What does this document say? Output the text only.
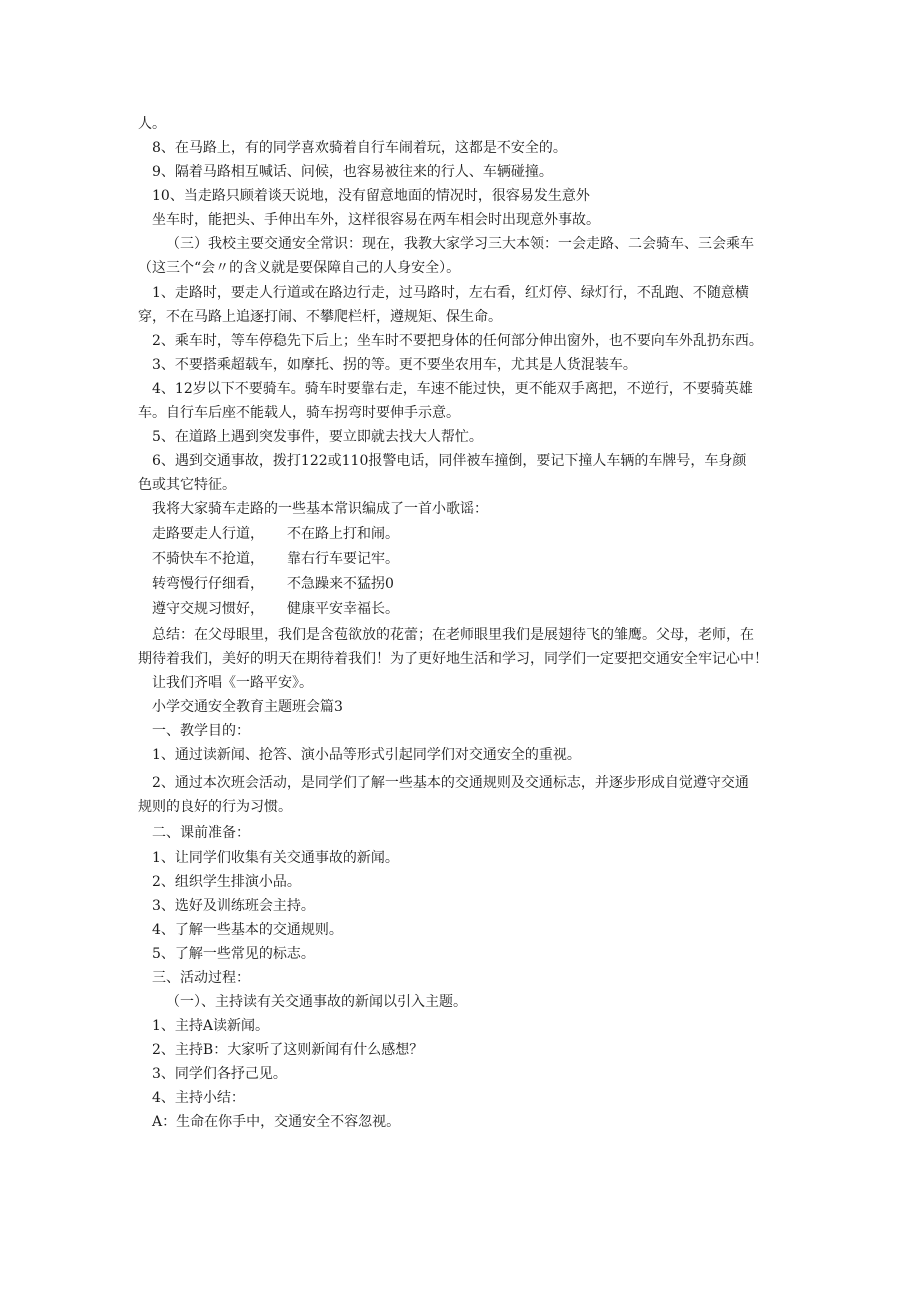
人。
8、在马路上，有的同学喜欢骑着自行车闹着玩，这都是不安全的。
9、隔着马路相互喊话、问候，也容易被往来的行人、车辆碰撞。
10、当走路只顾着谈天说地，没有留意地面的情况时，很容易发生意外
坐车时，能把头、手伸出车外，这样很容易在两车相会时出现意外事故。
（三）我校主要交通安全常识：现在，我教大家学习三大本领：一会走路、二会骑车、三会乘车
（这三个“会〃的含义就是要保障自己的人身安全）。
1、走路时，要走人行道或在路边行走，过马路时，左右看，红灯停、绿灯行，不乱跑、不随意横
穿，不在马路上追逐打闹、不攀爬栏杆，遵规矩、保生命。
2、乘车时，等车停稳先下后上；坐车时不要把身体的任何部分伸出窗外，也不要向车外乱扔东西。
3、不要搭乘超载车，如摩托、拐的等。更不要坐农用车，尤其是人货混装车。
4、12岁以下不要骑车。骑车时要靠右走，车速不能过快，更不能双手离把，不逆行，不要骑英雄
车。自行车后座不能载人，骑车拐弯时要伸手示意。
5、在道路上遇到突发事件，要立即就去找大人帮忙。
6、遇到交通事故，拨打122或110报警电话，同伴被车撞倒，要记下撞人车辆的车牌号，车身颜
色或其它特征。
我将大家骑车走路的一些基本常识编成了一首小歌谣：
走路要走人行道， 不在路上打和闹。
不骑快车不抢道， 靠右行车要记牢。
转弯慢行仔细看， 不急躁来不猛拐0
遵守交规习惯好， 健康平安幸福长。
总结：在父母眼里，我们是含苞欲放的花蕾；在老师眼里我们是展翅待飞的雏鹰。父母，老师，在
期待着我们，美好的明天在期待着我们！为了更好地生活和学习，同学们一定要把交通安全牢记心中！
让我们齐唱《一路平安》。
小学交通安全教育主题班会篇3
一、教学目的：
1、通过读新闻、抢答、演小品等形式引起同学们对交通安全的重视。
2、通过本次班会活动，是同学们了解一些基本的交通规则及交通标志，并逐步形成自觉遵守交通
规则的良好的行为习惯。
二、课前准备：
1、让同学们收集有关交通事故的新闻。
2、组织学生排演小品。
3、选好及训练班会主持。
4、了解一些基本的交通规则。
5、了解一些常见的标志。
三、活动过程：
（一）、主持读有关交通事故的新闻以引入主题。
1、主持A读新闻。
2、主持B：大家听了这则新闻有什么感想？
3、同学们各抒己见。
4、主持小结：
A：生命在你手中，交通安全不容忽视。
